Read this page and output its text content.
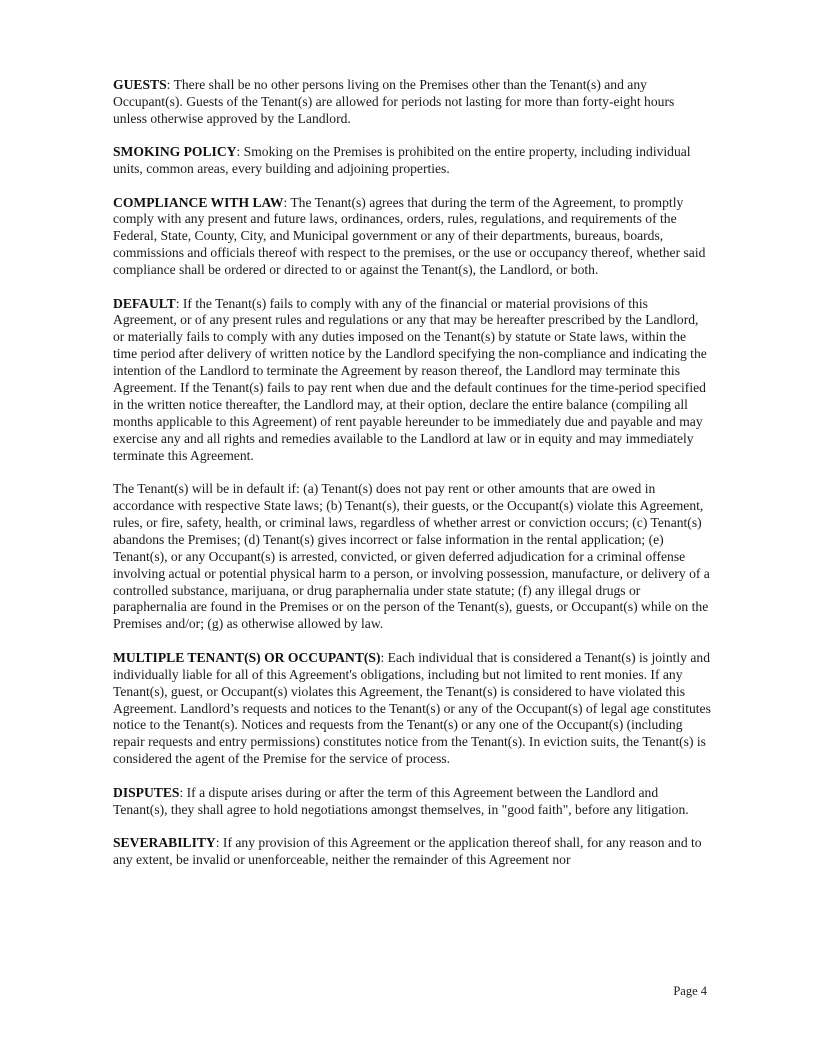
GUESTS: There shall be no other persons living on the Premises other than the Tenant(s) and any Occupant(s). Guests of the Tenant(s) are allowed for periods not lasting for more than forty-eight hours unless otherwise approved by the Landlord.

SMOKING POLICY: Smoking on the Premises is prohibited on the entire property, including individual units, common areas, every building and adjoining properties.

COMPLIANCE WITH LAW: The Tenant(s) agrees that during the term of the Agreement, to promptly comply with any present and future laws, ordinances, orders, rules, regulations, and requirements of the Federal, State, County, City, and Municipal government or any of their departments, bureaus, boards, commissions and officials thereof with respect to the premises, or the use or occupancy thereof, whether said compliance shall be ordered or directed to or against the Tenant(s), the Landlord, or both.

DEFAULT: If the Tenant(s) fails to comply with any of the financial or material provisions of this Agreement, or of any present rules and regulations or any that may be hereafter prescribed by the Landlord, or materially fails to comply with any duties imposed on the Tenant(s) by statute or State laws, within the time period after delivery of written notice by the Landlord specifying the non-compliance and indicating the intention of the Landlord to terminate the Agreement by reason thereof, the Landlord may terminate this Agreement. If the Tenant(s) fails to pay rent when due and the default continues for the time-period specified in the written notice thereafter, the Landlord may, at their option, declare the entire balance (compiling all months applicable to this Agreement) of rent payable hereunder to be immediately due and payable and may exercise any and all rights and remedies available to the Landlord at law or in equity and may immediately terminate this Agreement.

The Tenant(s) will be in default if: (a) Tenant(s) does not pay rent or other amounts that are owed in accordance with respective State laws; (b) Tenant(s), their guests, or the Occupant(s) violate this Agreement, rules, or fire, safety, health, or criminal laws, regardless of whether arrest or conviction occurs; (c) Tenant(s) abandons the Premises; (d) Tenant(s) gives incorrect or false information in the rental application; (e) Tenant(s), or any Occupant(s) is arrested, convicted, or given deferred adjudication for a criminal offense involving actual or potential physical harm to a person, or involving possession, manufacture, or delivery of a controlled substance, marijuana, or drug paraphernalia under state statute; (f) any illegal drugs or paraphernalia are found in the Premises or on the person of the Tenant(s), guests, or Occupant(s) while on the Premises and/or; (g) as otherwise allowed by law.

MULTIPLE TENANT(S) OR OCCUPANT(S): Each individual that is considered a Tenant(s) is jointly and individually liable for all of this Agreement's obligations, including but not limited to rent monies. If any Tenant(s), guest, or Occupant(s) violates this Agreement, the Tenant(s) is considered to have violated this Agreement. Landlord’s requests and notices to the Tenant(s) or any of the Occupant(s) of legal age constitutes notice to the Tenant(s). Notices and requests from the Tenant(s) or any one of the Occupant(s) (including repair requests and entry permissions) constitutes notice from the Tenant(s). In eviction suits, the Tenant(s) is considered the agent of the Premise for the service of process.

DISPUTES: If a dispute arises during or after the term of this Agreement between the Landlord and Tenant(s), they shall agree to hold negotiations amongst themselves, in "good faith", before any litigation.

SEVERABILITY: If any provision of this Agreement or the application thereof shall, for any reason and to any extent, be invalid or unenforceable, neither the remainder of this Agreement nor

Page 4
